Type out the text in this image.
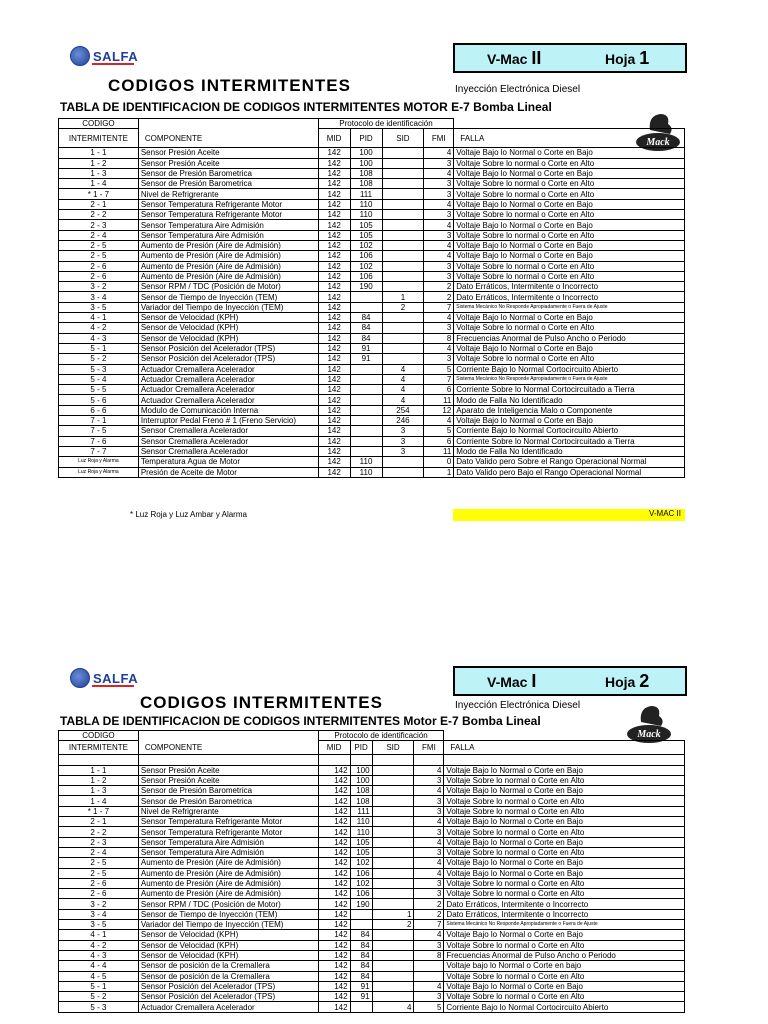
SALFA	V-Mac II	Hoja 1
CODIGOS INTERMITENTES	Inyección Electrónica Diesel
TABLA DE IDENTIFICACION DE CODIGOS INTERMITENTES MOTOR E-7 Bomba Lineal
Mack
CODIGO		Protocolo de identificación				
INTERMITENTE	COMPONENTE	MID	PID	SID	FMI	FALLA
1 - 1	Sensor Presión Aceite	142	100		4	Voltaje Bajo lo Normal o Corte en Bajo
1 - 2	Sensor Presión Aceite	142	100		3	Voltaje Sobre lo normal o Corte en Alto
1 - 3	Sensor de Presión Barometrica	142	108		4	Voltaje Bajo lo Normal o Corte en Bajo
1 - 4	Sensor de Presión Barometrica	142	108		3	Voltaje Sobre lo normal o Corte en Alto
* 1 - 7	Nivel de Refrigrerante	142	111		3	Voltaje Sobre lo normal o Corte en Alto
2 - 1	Sensor Temperatura Refrigerante Motor	142	110		4	Voltaje Bajo lo Normal o Corte en Bajo
2 - 2	Sensor Temperatura Refrigerante Motor	142	110		3	Voltaje Sobre lo normal o Corte en Alto
2 - 3	Sensor Temperatura Aire Admisión	142	105		4	Voltaje Bajo lo Normal o Corte en Bajo
2 - 4	Sensor Temperatura Aire Admisión	142	105		3	Voltaje Sobre lo normal o Corte en Alto
2 - 5	Aumento de Presión (Aire de Admisión)	142	102		4	Voltaje Bajo lo Normal o Corte en Bajo
2 - 5	Aumento de Presión (Aire de Admisión)	142	106		4	Voltaje Bajo lo Normal o Corte en Bajo
2 - 6	Aumento de Presión (Aire de Admisión)	142	102		3	Voltaje Sobre lo normal o Corte en Alto
2 - 6	Aumento de Presión (Aire de Admisión)	142	106		3	Voltaje Sobre lo normal o Corte en Alto
3 - 2	Sensor RPM / TDC (Posición de Motor)	142	190		2	Dato Erráticos, Intermitente o Incorrecto
3 - 4	Sensor de Tiempo de Inyección (TEM)	142		1	2	Dato Erráticos, Intermitente o Incorrecto
3 - 5	Variador del Tiempo de Inyección (TEM)	142		2	7	Sistema Mecánico No Responde Apropiadamente o Fuera de Ajuste
4 - 1	Sensor de Velocidad (KPH)	142	84		4	Voltaje Bajo lo Normal o Corte en Bajo
4 - 2	Sensor de Velocidad (KPH)	142	84		3	Voltaje Sobre lo normal o Corte en Alto
4 - 3	Sensor de Velocidad (KPH)	142	84		8	Frecuencias Anormal de Pulso Ancho o Periodo
5 - 1	Sensor Posición del Acelerador (TPS)	142	91		4	Voltaje Bajo lo Normal o Corte en Bajo
5 - 2	Sensor Posición del Acelerador (TPS)	142	91		3	Voltaje Sobre lo normal o Corte en Alto
5 - 3	Actuador Cremallera Acelerador	142		4	5	Corriente Bajo lo Normal Cortocircuito Abierto
5 - 4	Actuador Cremallera Acelerador	142		4	7	Sistema Mecánico No Responde Apropiadamente o Fuera de Ajuste
5 - 5	Actuador Cremallera Acelerador	142		4	6	Corriente Sobre lo Normal Cortocircuitado a Tierra
5 - 6	Actuador Cremallera Acelerador	142		4	11	Modo de Falla No Identificado
6 - 6	Modulo de Comunicación Interna	142		254	12	Aparato de Inteligencia Malo o Componente
7 - 1	Interruptor Pedal Freno # 1 (Freno Servicio)	142		246	4	Voltaje Bajo lo Normal o Corte en Bajo
7 - 5	Sensor Cremallera Acelerador	142		3	5	Corriente Bajo lo Normal Cortocircuito Abierto
7 - 6	Sensor Cremallera Acelerador	142		3	6	Corriente Sobre lo Normal Cortocircuitado a Tierra
7 - 7	Sensor Cremallera Acelerador	142		3	11	Modo de Falla No Identificado
Luz Roja y Alarma	Temperatura Agua de Motor	142	110		0	Dato Valido pero Sobre el Rango Operacional Normal
Luz Roja y Alarma	Presión de Aceite de Motor	142	110		1	Dato Valido pero Bajo el Rango Operacional Normal
* Luz Roja y Luz Ambar y Alarma	V-MAC II
SALFA	V-Mac I	Hoja 2
CODIGOS INTERMITENTES	Inyección Electrónica Diesel
TABLA DE IDENTIFICACION DE CODIGOS INTERMITENTES Motor E-7 Bomba Lineal
Mack
CODIGO		Protocolo de identificación				
INTERMITENTE	COMPONENTE	MID	PID	SID	FMI	FALLA

1 - 1	Sensor Presión Aceite	142	100		4	Voltaje Bajo lo Normal o Corte en Bajo
1 - 2	Sensor Presión Aceite	142	100		3	Voltaje Sobre lo normal o Corte en Alto
1 - 3	Sensor de Presión Barometrica	142	108		4	Voltaje Bajo lo Normal o Corte en Bajo
1 - 4	Sensor de Presión Barometrica	142	108		3	Voltaje Sobre lo normal o Corte en Alto
* 1 - 7	Nivel de Refrigrerante	142	111		3	Voltaje Sobre lo normal o Corte en Alto
2 - 1	Sensor Temperatura Refrigerante Motor	142	110		4	Voltaje Bajo lo Normal o Corte en Bajo
2 - 2	Sensor Temperatura Refrigerante Motor	142	110		3	Voltaje Sobre lo normal o Corte en Alto
2 - 3	Sensor Temperatura Aire Admisión	142	105		4	Voltaje Bajo lo Normal o Corte en Bajo
2 - 4	Sensor Temperatura Aire Admisión	142	105		3	Voltaje Sobre lo normal o Corte en Alto
2 - 5	Aumento de Presión (Aire de Admisión)	142	102		4	Voltaje Bajo lo Normal o Corte en Bajo
2 - 5	Aumento de Presión (Aire de Admisión)	142	106		4	Voltaje Bajo lo Normal o Corte en Bajo
2 - 6	Aumento de Presión (Aire de Admisión)	142	102		3	Voltaje Sobre lo normal o Corte en Alto
2 - 6	Aumento de Presión (Aire de Admisión)	142	106		3	Voltaje Sobre lo normal o Corte en Alto
3 - 2	Sensor RPM / TDC (Posición de Motor)	142	190		2	Dato Erráticos, Intermitente o Incorrecto
3 - 4	Sensor de Tiempo de Inyección (TEM)	142		1	2	Dato Erráticos, Intermitente o Incorrecto
3 - 5	Variador del Tiempo de Inyección (TEM)	142		2	7	Sistema Mecánico No Responde Apropiadamente o Fuera de Ajuste
4 - 1	Sensor de Velocidad (KPH)	142	84		4	Voltaje Bajo lo Normal o Corte en Bajo
4 - 2	Sensor de Velocidad (KPH)	142	84		3	Voltaje Sobre lo normal o Corte en Alto
4 - 3	Sensor de Velocidad (KPH)	142	84		8	Frecuencias Anormal de Pulso Ancho o Periodo
4 - 4	Sensor de posición de la Cremallera	142	84			Voltaje bajo lo Normal o Corte en bajo
4 - 5	Sensor de posición de la Cremallera	142	84			Voltaje Sobre lo normal o Corte en Alto
5 - 1	Sensor Posición del Acelerador (TPS)	142	91		4	Voltaje Bajo lo Normal o Corte en Bajo
5 - 2	Sensor Posición del Acelerador (TPS)	142	91		3	Voltaje Sobre lo normal o Corte en Alto
5 - 3	Actuador Cremallera Acelerador	142		4	5	Corriente Bajo lo Normal Cortocircuito Abierto
